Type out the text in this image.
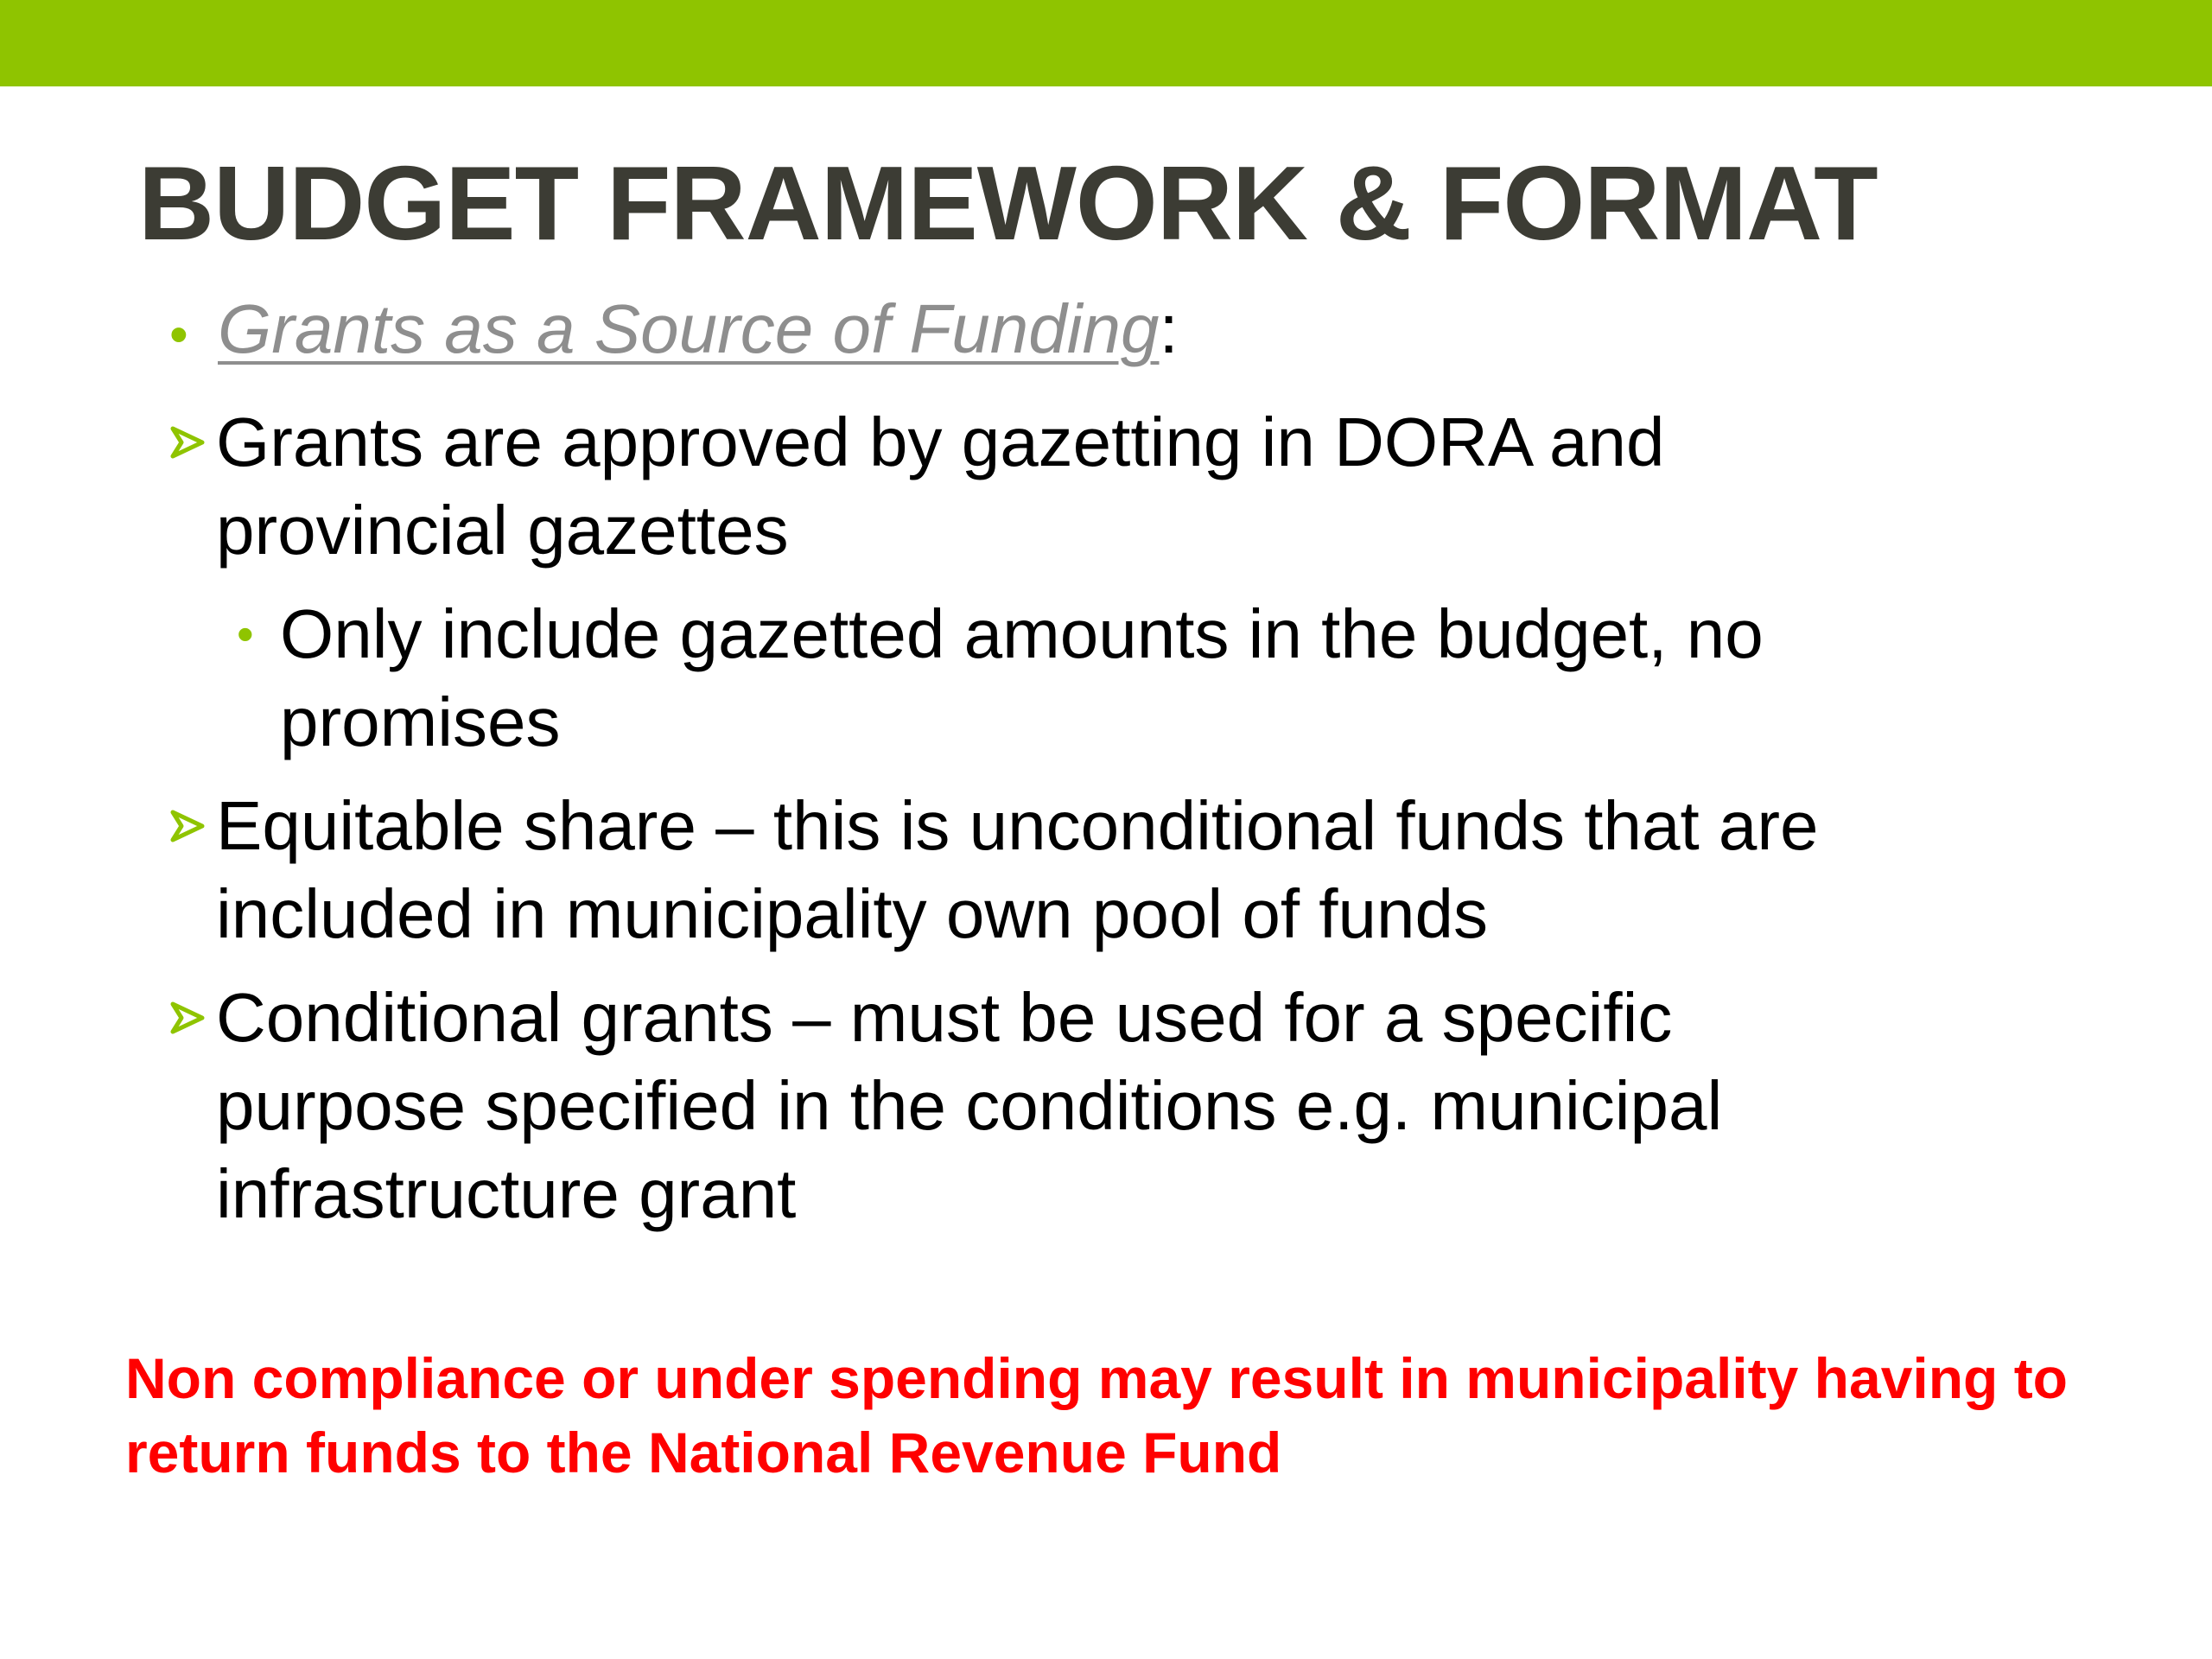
BUDGET FRAMEWORK & FORMAT
• Grants as a Source of Funding :
Grants are approved by gazetting in DORA and provincial gazettes
• Only include gazetted amounts in the budget, no promises
Equitable share – this is unconditional funds that are included in municipality own pool of funds
Conditional grants – must be used for a specific purpose specified in the conditions e.g. municipal infrastructure grant

Non compliance or under spending may result in municipality having to return funds to the National Revenue Fund
